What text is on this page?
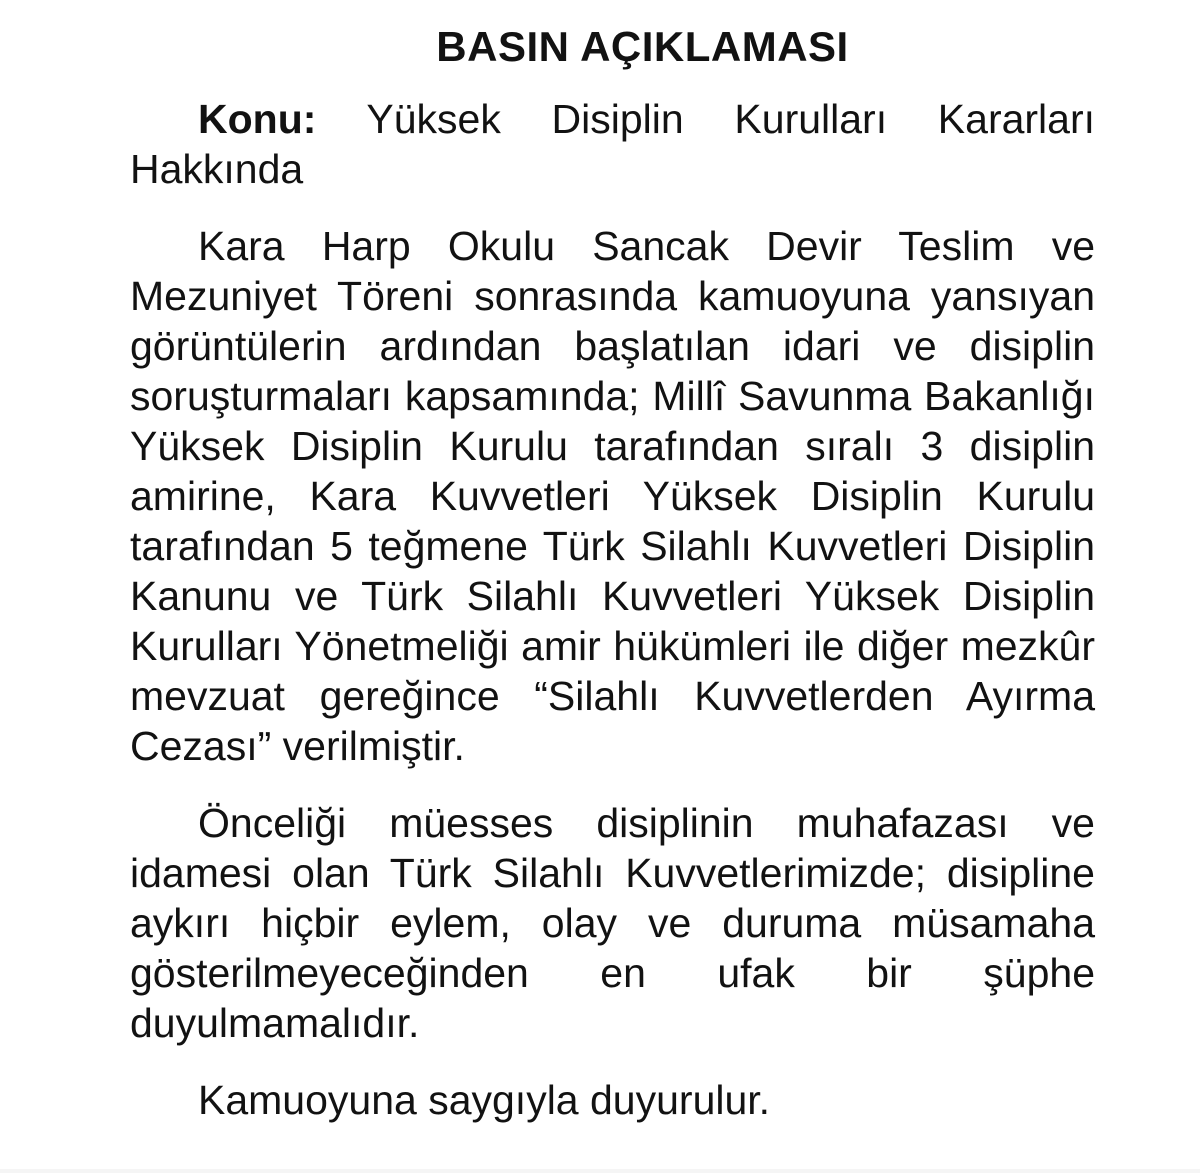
BASIN AÇIKLAMASI

Konu: Yüksek Disiplin Kurulları Kararları Hakkında

Kara Harp Okulu Sancak Devir Teslim ve Mezuniyet Töreni sonrasında kamuoyuna yansıyan görüntülerin ardından başlatılan idari ve disiplin soruşturmaları kapsamında; Millî Savunma Bakanlığı Yüksek Disiplin Kurulu tarafından sıralı 3 disiplin amirine, Kara Kuvvetleri Yüksek Disiplin Kurulu tarafından 5 teğmene Türk Silahlı Kuvvetleri Disiplin Kanunu ve Türk Silahlı Kuvvetleri Yüksek Disiplin Kurulları Yönetmeliği amir hükümleri ile diğer mezkûr mevzuat gereğince “Silahlı Kuvvetlerden Ayırma Cezası” verilmiştir.

Önceliği müesses disiplinin muhafazası ve idamesi olan Türk Silahlı Kuvvetlerimizde; disipline aykırı hiçbir eylem, olay ve duruma müsamaha gösterilmeyeceğinden en ufak bir şüphe duyulmamalıdır.

Kamuoyuna saygıyla duyurulur.
